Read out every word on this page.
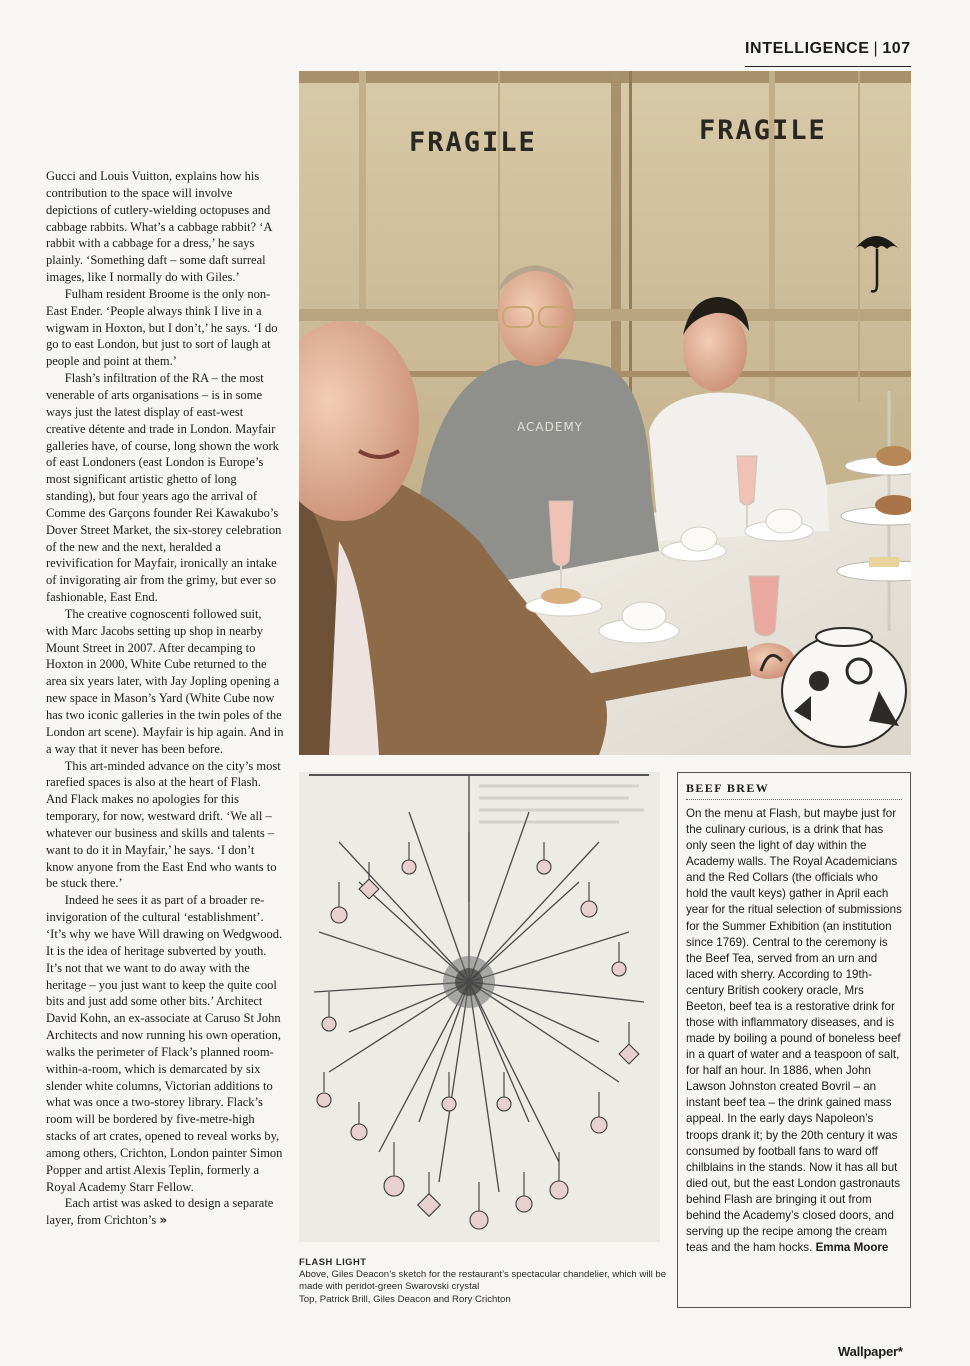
INTELLIGENCE | 107

Gucci and Louis Vuitton, explains how his contribution to the space will involve depictions of cutlery-wielding octopuses and cabbage rabbits. What’s a cabbage rabbit? ‘A rabbit with a cabbage for a dress,’ he says plainly. ‘Something daft – some daft surreal images, like I normally do with Giles.’

Fulham resident Broome is the only non-East Ender. ‘People always think I live in a wigwam in Hoxton, but I don’t,’ he says. ‘I do go to east London, but just to sort of laugh at people and point at them.’

Flash’s infiltration of the RA – the most venerable of arts organisations – is in some ways just the latest display of east-west creative détente and trade in London. Mayfair galleries have, of course, long shown the work of east Londoners (east London is Europe’s most significant artistic ghetto of long standing), but four years ago the arrival of Comme des Garçons founder Rei Kawakubo’s Dover Street Market, the six-storey celebration of the new and the next, heralded a revivification for Mayfair, ironically an intake of invigorating air from the grimy, but ever so fashionable, East End.

The creative cognoscenti followed suit, with Marc Jacobs setting up shop in nearby Mount Street in 2007. After decamping to Hoxton in 2000, White Cube returned to the area six years later, with Jay Jopling opening a new space in Mason’s Yard (White Cube now has two iconic galleries in the twin poles of the London art scene). Mayfair is hip again. And in a way that it never has been before.

This art-minded advance on the city’s most rarefied spaces is also at the heart of Flash. And Flack makes no apologies for this temporary, for now, westward drift. ‘We all – whatever our business and skills and talents – want to do it in Mayfair,’ he says. ‘I don’t know anyone from the East End who wants to be stuck there.’

Indeed he sees it as part of a broader re-invigoration of the cultural ‘establishment’. ‘It’s why we have Will drawing on Wedgwood. It is the idea of heritage subverted by youth. It’s not that we want to do away with the heritage – you just want to keep the quite cool bits and just add some other bits.’ Architect David Kohn, an ex-associate at Caruso St John Architects and now running his own operation, walks the perimeter of Flack’s planned room-within-a-room, which is demarcated by six slender white columns, Victorian additions to what was once a two-storey library. Flack’s room will be bordered by five-metre-high stacks of art crates, opened to reveal works by, among others, Crichton, London painter Simon Popper and artist Alexis Teplin, formerly a Royal Academy Starr Fellow.

Each artist was asked to design a separate layer, from Crichton’s »

FRAGILE	FRAGILE
ACADEMY
FLASH LIGHT
Above, Giles Deacon’s sketch for the restaurant’s spectacular chandelier, which will be made with peridot-green Swarovski crystal
Top, Patrick Brill, Giles Deacon and Rory Crichton
BEEF BREW
On the menu at Flash, but maybe just for the culinary curious, is a drink that has only seen the light of day within the Academy walls. The Royal Academicians and the Red Collars (the officials who hold the vault keys) gather in April each year for the ritual selection of submissions for the Summer Exhibition (an institution since 1769). Central to the ceremony is the Beef Tea, served from an urn and laced with sherry. According to 19th-century British cookery oracle, Mrs Beeton, beef tea is a restorative drink for those with inflammatory diseases, and is made by boiling a pound of boneless beef in a quart of water and a teaspoon of salt, for half an hour. In 1886, when John Lawson Johnston created Bovril – an instant beef tea – the drink gained mass appeal. In the early days Napoleon’s troops drank it; by the 20th century it was consumed by football fans to ward off chilblains in the stands. Now it has all but died out, but the east London gastronauts behind Flash are bringing it out from behind the Academy’s closed doors, and serving up the recipe among the cream teas and the ham hocks. Emma Moore
Wallpaper*
